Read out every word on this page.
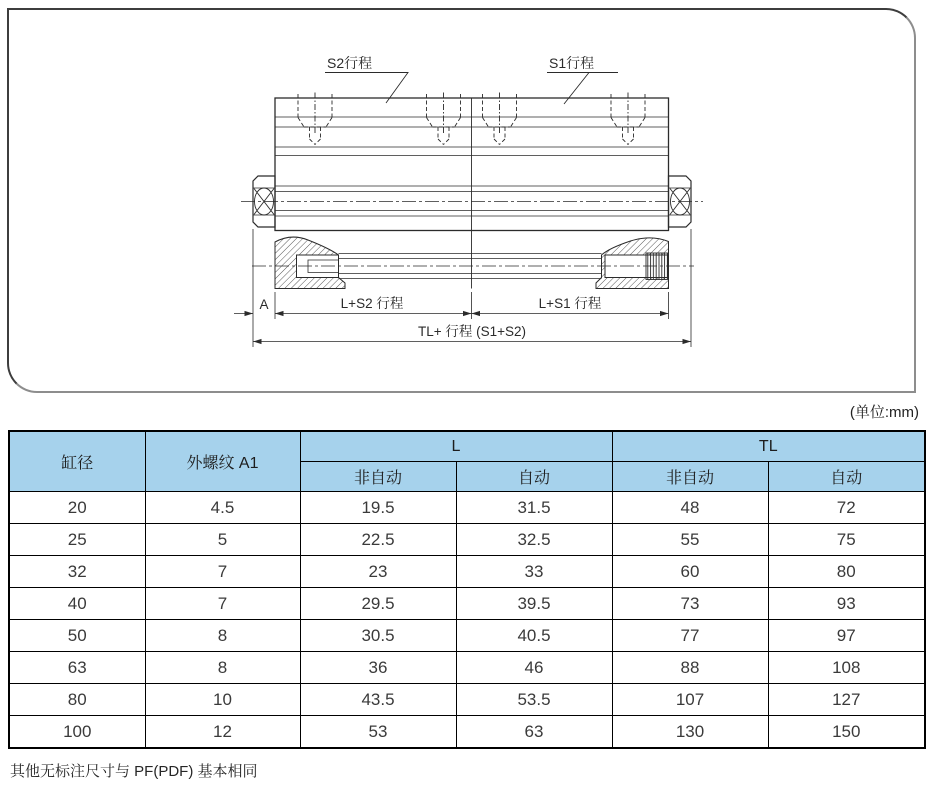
A	L+S2 行程	L+S1 行程
TL+ 行程 (S1+S2)
S2行程	S1行程
(单位:mm)
缸径	外螺纹 A1	L		TL	
		非自动	自动	非自动	自动
20	4.5	19.5	31.5	48	72
25	5	22.5	32.5	55	75
32	7	23	33	60	80
40	7	29.5	39.5	73	93
50	8	30.5	40.5	77	97
63	8	36	46	88	108
80	10	43.5	53.5	107	127
100	12	53	63	130	150
其他无标注尺寸与 PF(PDF) 基本相同
